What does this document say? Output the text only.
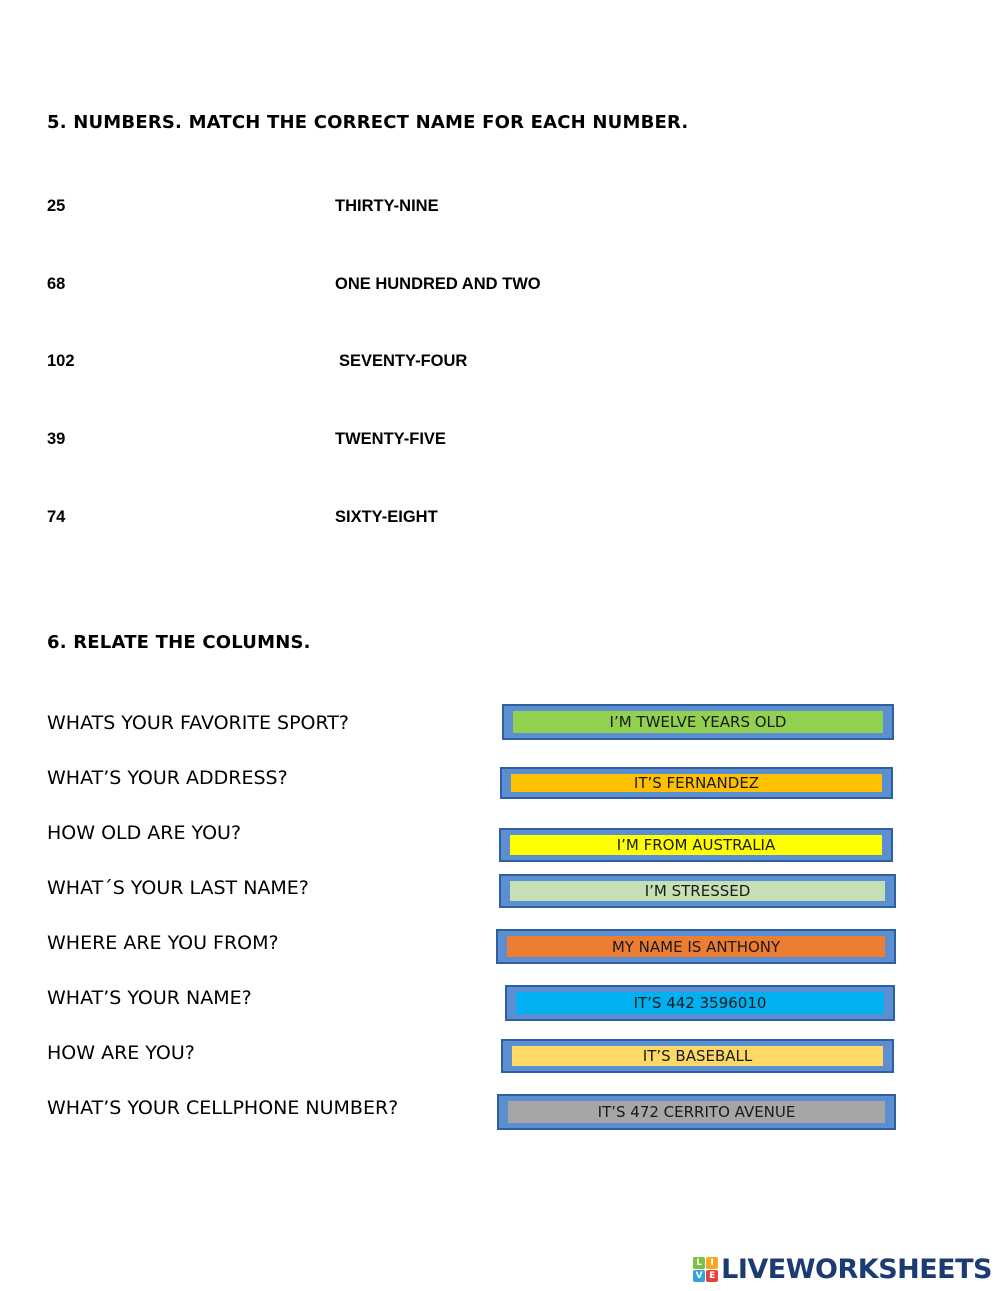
5. NUMBERS. MATCH THE CORRECT NAME FOR EACH NUMBER.
25
68
102
39
74
THIRTY-NINE
ONE HUNDRED AND TWO
SEVENTY-FOUR
TWENTY-FIVE
SIXTY-EIGHT
6. RELATE THE COLUMNS.
WHATS YOUR FAVORITE SPORT?
WHAT’S YOUR ADDRESS?
HOW OLD ARE YOU?
WHAT´S YOUR LAST NAME?
WHERE ARE YOU FROM?
WHAT’S YOUR NAME?
HOW ARE YOU?
WHAT’S YOUR CELLPHONE NUMBER?
I’M TWELVE YEARS OLD
IT’S FERNANDEZ
I’M FROM AUSTRALIA
I’M STRESSED
MY NAME IS ANTHONY
IT’S 442 3596010
IT’S BASEBALL
IT’S 472 CERRITO AVENUE
L I
V E LIVEWORKSHEETS
